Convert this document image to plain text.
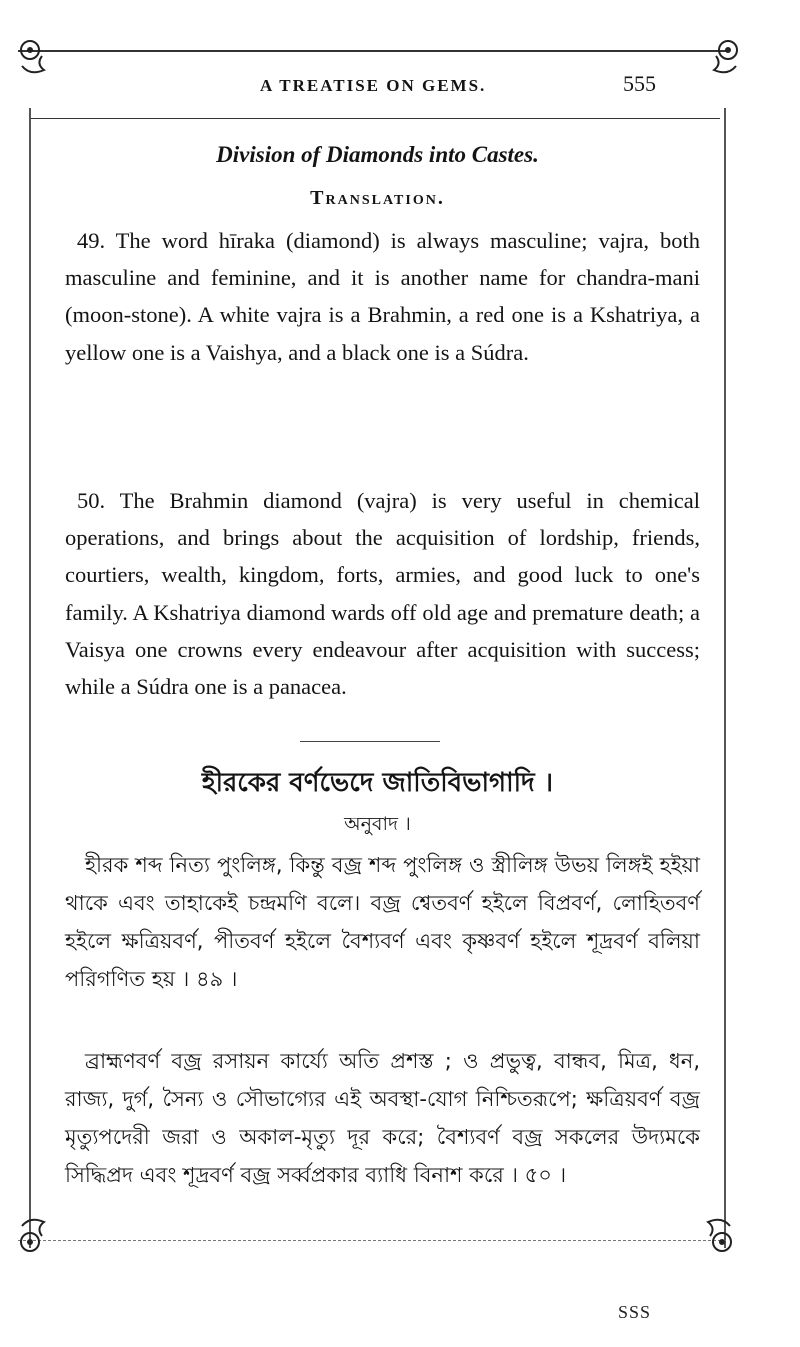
A TREATISE ON GEMS.	555
Division of Diamonds into Castes.
Translation.

49. The word hīraka (diamond) is always masculine; vajra, both masculine and feminine, and it is another name for chandra-mani (moon-stone). A white vajra is a Brahmin, a red one is a Kshatriya, a yellow one is a Vaishya, and a black one is a Súdra.

50. The Brahmin diamond (vajra) is very useful in chemical operations, and brings about the acquisition of lordship, friends, courtiers, wealth, kingdom, forts, armies, and good luck to one's family. A Kshatriya diamond wards off old age and premature death; a Vaisya one crowns every endeavour after acquisition with success; while a Súdra one is a panacea.

হীরকের বর্ণভেদে জাতিবিভাগাদি ।
অনুবাদ ।

হীরক শব্দ নিত্য পুংলিঙ্গ, কিন্তু বজ্র শব্দ পুংলিঙ্গ ও স্ত্রীলিঙ্গ উভয় লিঙ্গই হইয়া থাকে এবং তাহাকেই চন্দ্রমণি বলে। বজ্র শ্বেতবর্ণ হইলে বিপ্রবর্ণ, লোহিতবর্ণ হইলে ক্ষত্রিয়বর্ণ, পীতবর্ণ হইলে বৈশ্যবর্ণ এবং কৃষ্ণবর্ণ হইলে শূদ্রবর্ণ বলিয়া পরিগণিত হয় । ৪৯ ।

ব্রাহ্মণবর্ণ বজ্র রসায়ন কার্য্যে অতি প্রশস্ত ; ও প্রভুত্ব, বান্ধব, মিত্র, ধন, রাজ্য, দুর্গ, সৈন্য ও সৌভাগ্যের এই অবস্থা-যোগ নিশ্চিতরূপে; ক্ষত্রিয়বর্ণ বজ্র মৃত্যুপদেরী জরা ও অকাল-মৃত্যু দূর করে; বৈশ্যবর্ণ বজ্র সকলের উদ্যমকে সিদ্ধিপ্রদ এবং শূদ্রবর্ণ বজ্র সর্ব্বপ্রকার ব্যাধি বিনাশ করে । ৫০ ।

SSS
